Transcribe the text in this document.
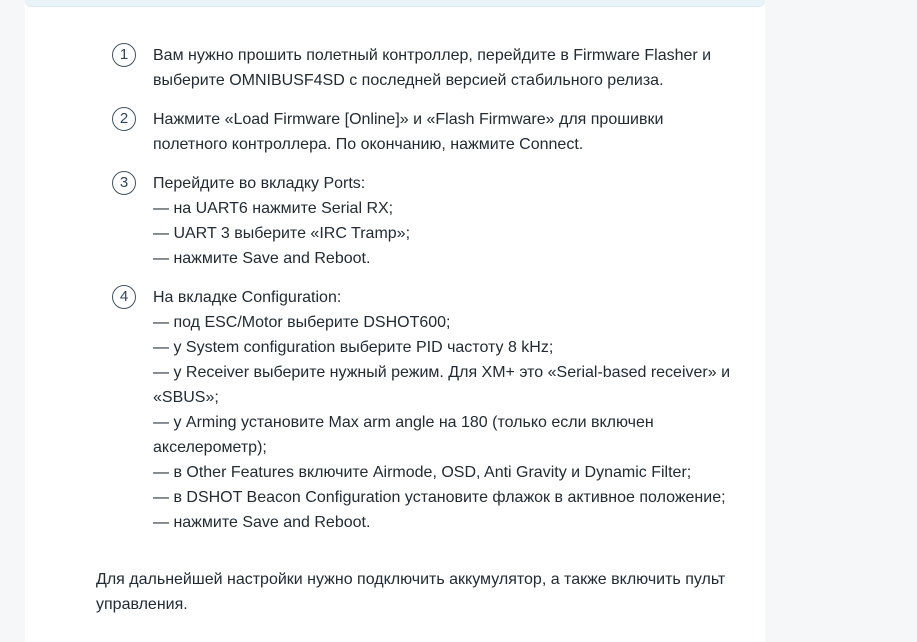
1	Вам нужно прошить полетный контроллер, перейдите в Firmware Flasher и выберите OMNIBUSF4SD с последней версией стабильного релиза.
2	Нажмите «Load Firmware [Online]» и «Flash Firmware» для прошивки полетного контроллера. По окончанию, нажмите Connect.
3	Перейдите во вкладку Ports:
— на UART6 нажмите Serial RX;
— UART 3 выберите «IRC Tramp»;
— нажмите Save and Reboot.
4	На вкладке Configuration:
— под ESC/Motor выберите DSHOT600;
— у System configuration выберите PID частоту 8 kHz;
— у Receiver выберите нужный режим. Для XM+ это «Serial-based receiver» и «SBUS»;
— у Arming установите Max arm angle на 180 (только если включен акселерометр);
— в Other Features включите Airmode, OSD, Anti Gravity и Dynamic Filter;
— в DSHOT Beacon Configuration установите флажок в активное положение;
— нажмите Save and Reboot.

Для дальнейшей настройки нужно подключить аккумулятор, а также включить пульт управления.
